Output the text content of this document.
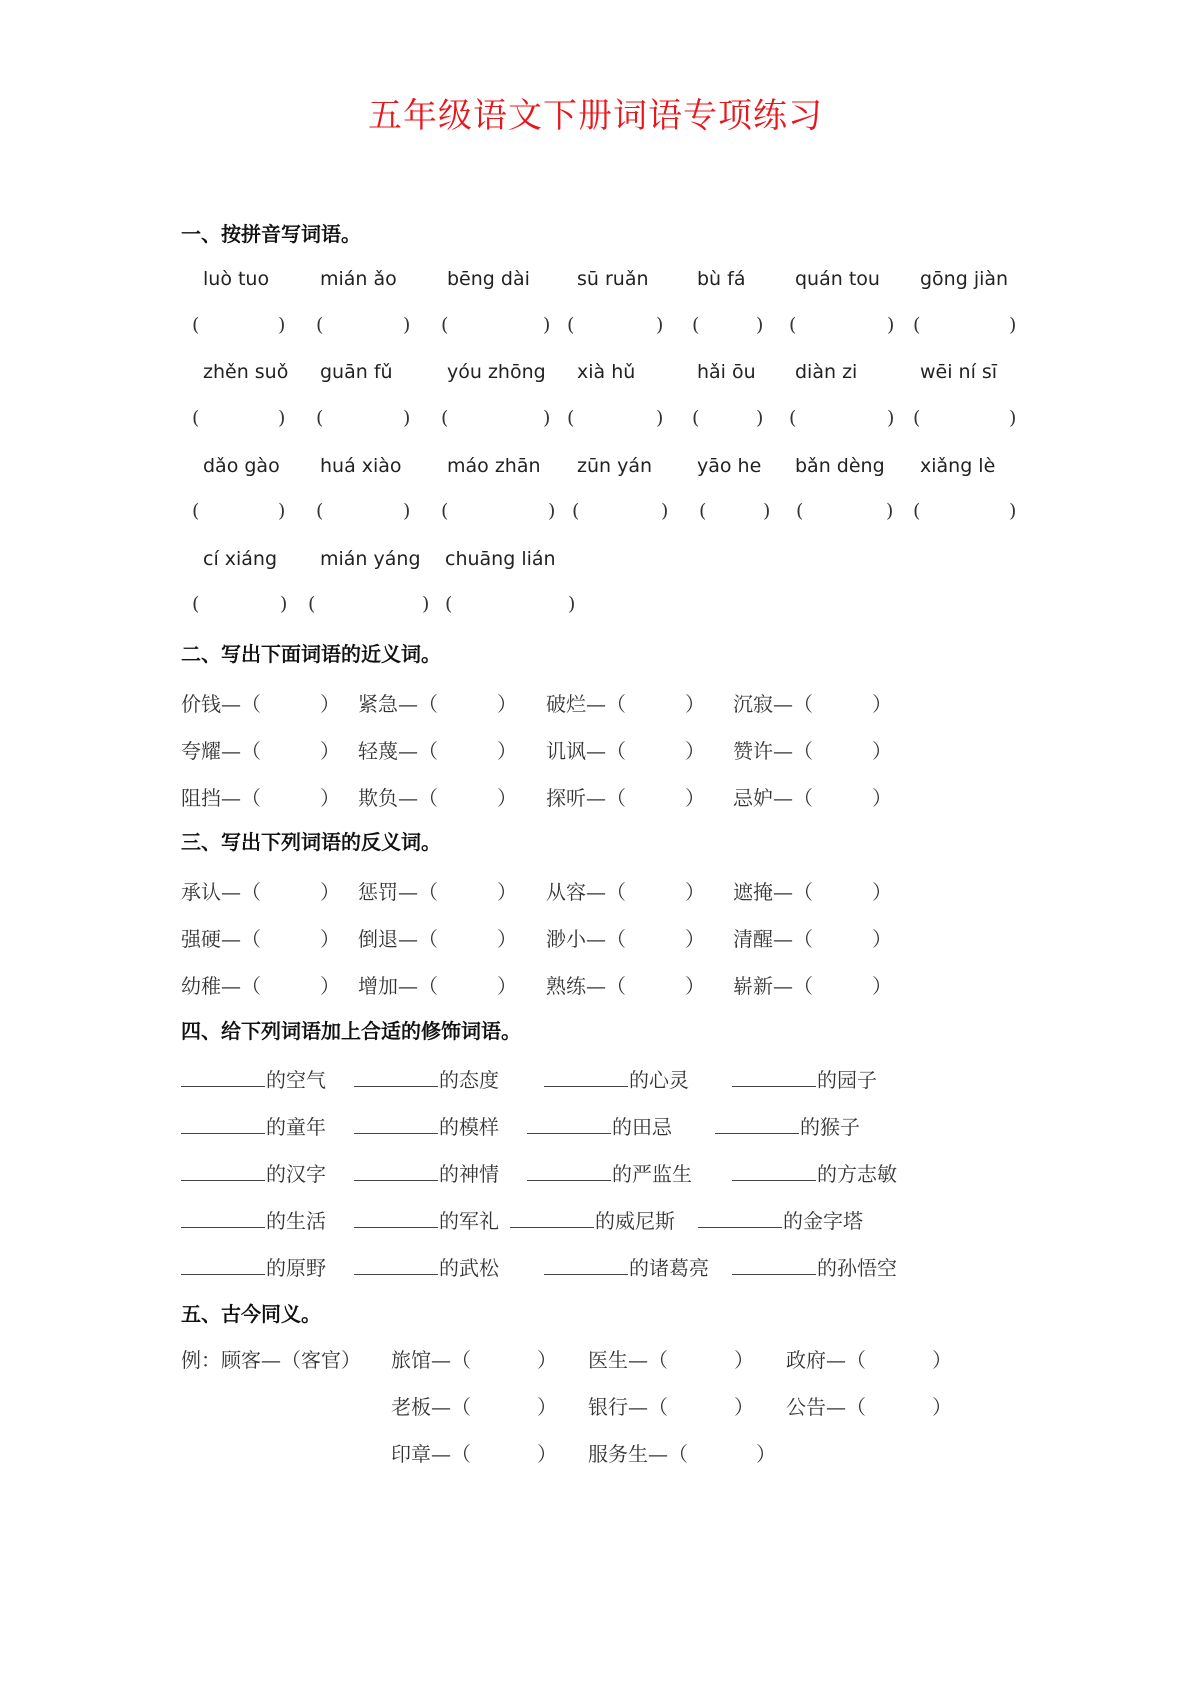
五年级语文下册词语专项练习
一、按拼音写词语。
luò tuo
(	)
mián ǎo
(	)
bēng dài
(	)
sū ruǎn
(	)
bù fá
(	)
quán tou
(	)
gōng jiàn
(	)
zhěn suǒ
(	)
guān fǔ
(	)
yóu zhōng
(	)
xià hǔ
(	)
hǎi ōu
(	)
diàn zi
(	)
wēi ní sī
(	)
dǎo gào
(	)
huá xiào
(	)
máo zhān
(	)
zūn yán
(	)
yāo he
(	)
bǎn dèng
(	)
xiǎng lè
(	)
cí xiáng
(	)
mián yáng
(	)
chuāng lián
(	)
二、写出下面词语的近义词。
价钱—（	） 紧急—（	） 破烂—（	） 沉寂—（	）
夸耀—（	） 轻蔑—（	） 讥讽—（	） 赞许—（	）
阻挡—（	） 欺负—（	） 探听—（	） 忌妒—（	）
三、写出下列词语的反义词。
承认—（	） 惩罚—（	） 从容—（	） 遮掩—（	）
强硬—（	） 倒退—（	） 渺小—（	） 清醒—（	）
幼稚—（	） 增加—（	） 熟练—（	） 崭新—（	）
四、给下列词语加上合适的修饰词语。
的空气	的态度	的心灵	的园子
的童年	的模样	的田忌	的猴子
的汉字	的神情	的严监生	的方志敏
的生活	的军礼	的威尼斯	的金字塔
的原野	的武松	的诸葛亮	的孙悟空
五、古今同义。
例：顾客—（客官） 旅馆—（	） 医生—（	） 政府—（	）
老板—（	） 银行—（	） 公告—（	）
印章—（	） 服务生—（	）
